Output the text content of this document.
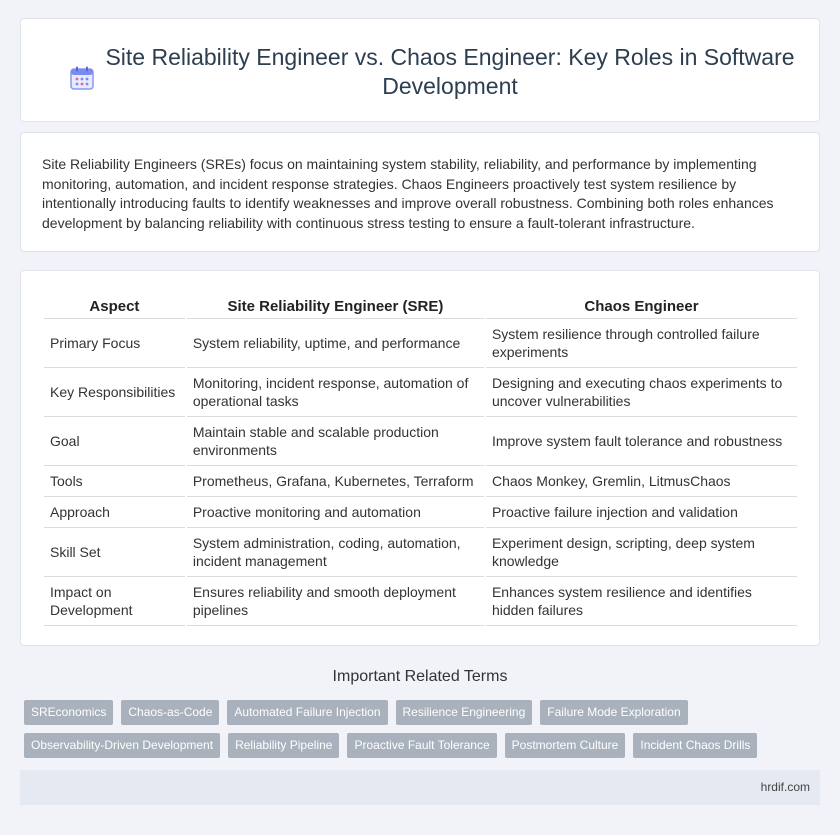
Site Reliability Engineer vs. Chaos Engineer: Key Roles in Software Development

Site Reliability Engineers (SREs) focus on maintaining system stability, reliability, and performance by implementing monitoring, automation, and incident response strategies. Chaos Engineers proactively test system resilience by intentionally introducing faults to identify weaknesses and improve overall robustness. Combining both roles enhances development by balancing reliability with continuous stress testing to ensure a fault-tolerant infrastructure.

Aspect	Site Reliability Engineer (SRE)	Chaos Engineer
Primary Focus	System reliability, uptime, and performance	System resilience through controlled failure experiments
Key Responsibilities	Monitoring, incident response, automation of operational tasks	Designing and executing chaos experiments to uncover vulnerabilities
Goal	Maintain stable and scalable production environments	Improve system fault tolerance and robustness
Tools	Prometheus, Grafana, Kubernetes, Terraform	Chaos Monkey, Gremlin, LitmusChaos
Approach	Proactive monitoring and automation	Proactive failure injection and validation
Skill Set	System administration, coding, automation, incident management	Experiment design, scripting, deep system knowledge
Impact on Development	Ensures reliability and smooth deployment pipelines	Enhances system resilience and identifies hidden failures
Important Related Terms
SREconomics	Chaos-as-Code	Automated Failure Injection	Resilience Engineering	Failure Mode Exploration
Observability-Driven Development	Reliability Pipeline	Proactive Fault Tolerance	Postmortem Culture	Incident Chaos Drills
hrdif.com
